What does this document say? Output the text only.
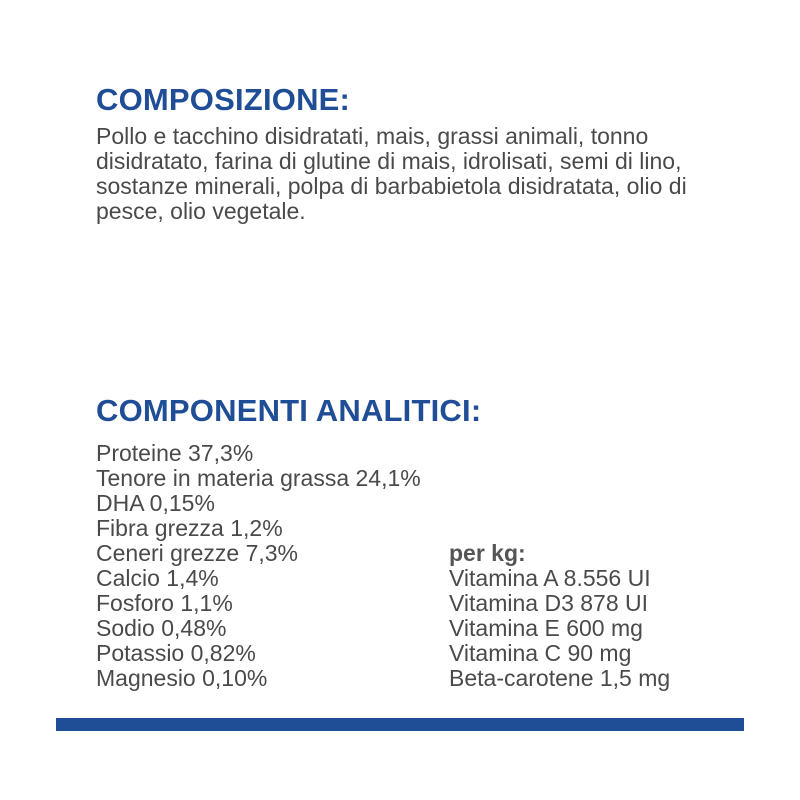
COMPOSIZIONE:

Pollo e tacchino disidratati, mais, grassi animali, tonno disidratato, farina di glutine di mais, idrolisati, semi di lino, sostanze minerali, polpa di barbabietola disidratata, olio di pesce, olio vegetale.

COMPONENTI ANALITICI:
Proteine 37,3%
Tenore in materia grassa 24,1%
DHA 0,15%
Fibra grezza 1,2%
Ceneri grezze 7,3%
Calcio 1,4%
Fosforo 1,1%
Sodio 0,48%
Potassio 0,82%
Magnesio 0,10%
per kg:
Vitamina A 8.556 UI
Vitamina D3 878 UI
Vitamina E 600 mg
Vitamina C 90 mg
Beta-carotene 1,5 mg
